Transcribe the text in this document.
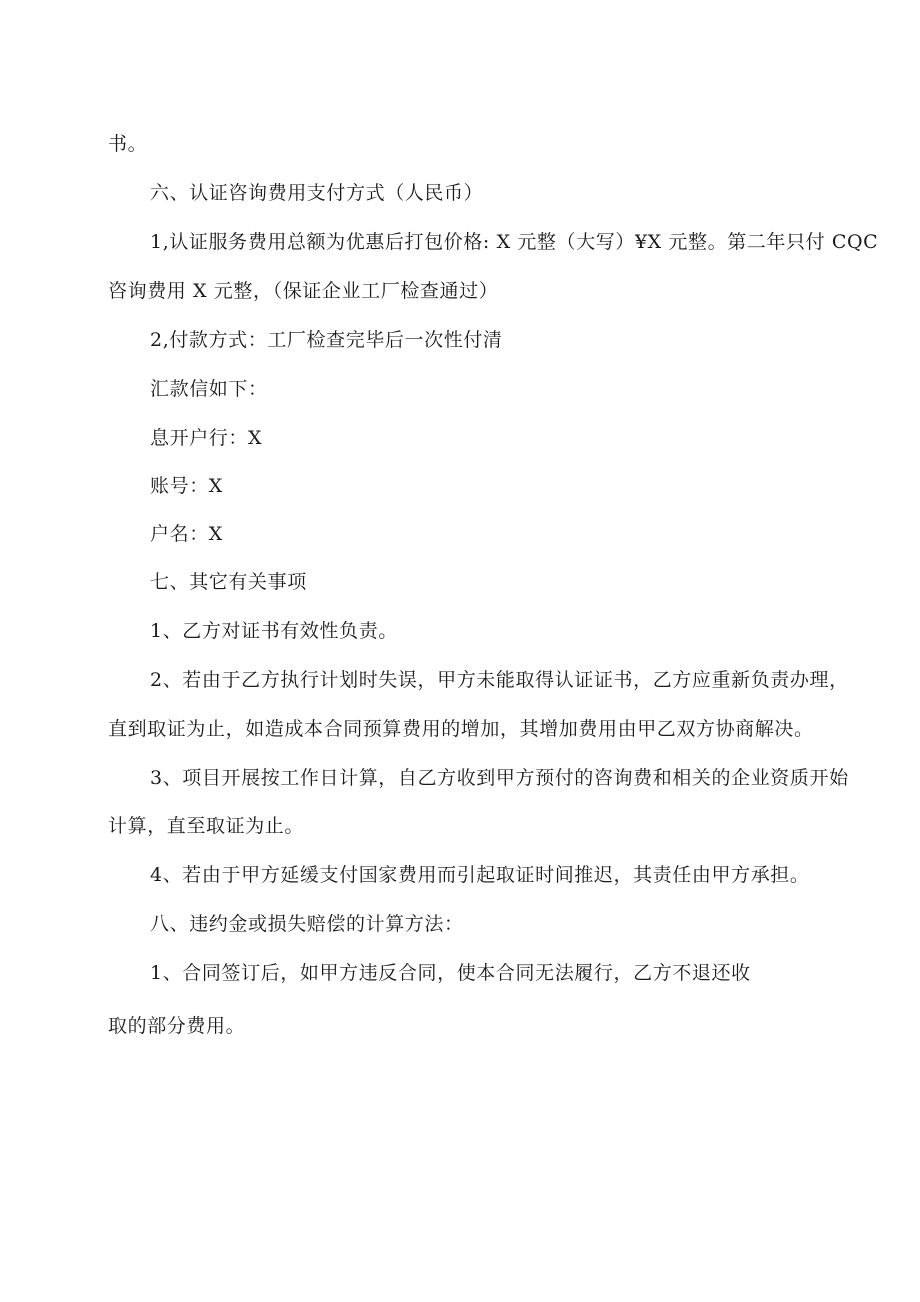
书。

六、认证咨询费用支付方式（人民币）

1,认证服务费用总额为优惠后打包价格: X 元整（大写）¥X 元整。第二年只付 CQC

咨询费用 X 元整，（保证企业工厂检查通过）

2,付款方式：工厂检查完毕后一次性付清

汇款信如下：

息开户行：X

账号：X

户名：X

七、其它有关事项

1、乙方对证书有效性负责。

2、若由于乙方执行计划时失误，甲方未能取得认证证书，乙方应重新负责办理，

直到取证为止，如造成本合同预算费用的增加，其增加费用由甲乙双方协商解决。

3、项目开展按工作日计算，自乙方收到甲方预付的咨询费和相关的企业资质开始

计算，直至取证为止。

4、若由于甲方延缓支付国家费用而引起取证时间推迟，其责任由甲方承担。

八、违约金或损失赔偿的计算方法：

1、合同签订后，如甲方违反合同，使本合同无法履行，乙方不退还收

取的部分费用。
